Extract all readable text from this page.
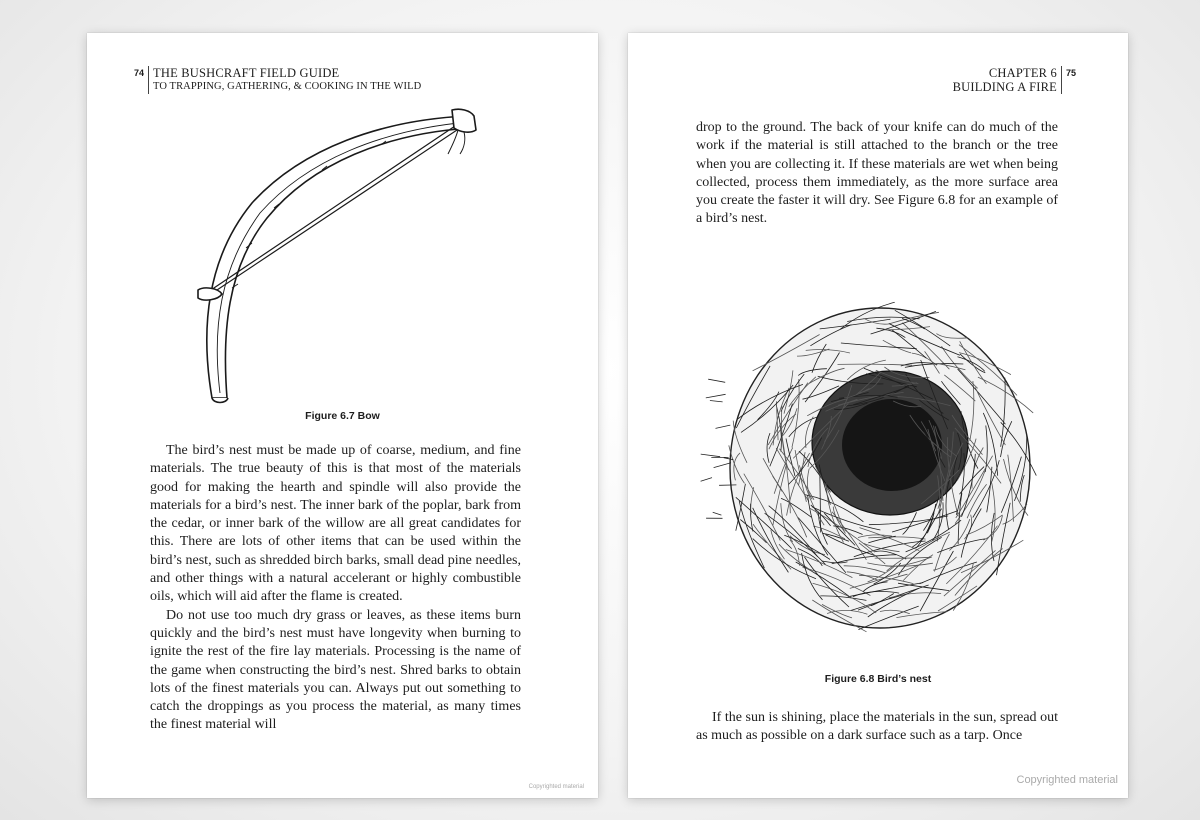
74 THE BUSHCRAFT FIELD GUIDE
TO TRAPPING, GATHERING, & COOKING IN THE WILD
Figure 6.7 Bow

The bird’s nest must be made up of coarse, medium, and fine materials. The true beauty of this is that most of the materials good for making the hearth and spindle will also provide the materials for a bird’s nest. The inner bark of the poplar, bark from the cedar, or inner bark of the willow are all great candidates for this. There are lots of other items that can be used within the bird’s nest, such as shredded birch barks, small dead pine needles, and other things with a natural accelerant or highly combustible oils, which will aid after the flame is created.

Do not use too much dry grass or leaves, as these items burn quickly and the bird’s nest must have longevity when burning to ignite the rest of the fire lay materials. Processing is the name of the game when constructing the bird’s nest. Shred barks to obtain lots of the finest materials you can. Always put out something to catch the droppings as you process the material, as many times the finest material will

Copyrighted material
CHAPTER 6
BUILDING A FIRE
75

drop to the ground. The back of your knife can do much of the work if the material is still attached to the branch or the tree when you are collecting it. If these materials are wet when being collected, process them immediately, as the more surface area you create the faster it will dry. See Figure 6.8 for an example of a bird’s nest.

Figure 6.8 Bird’s nest

If the sun is shining, place the materials in the sun, spread out as much as possible on a dark surface such as a tarp. Once

Copyrighted material
